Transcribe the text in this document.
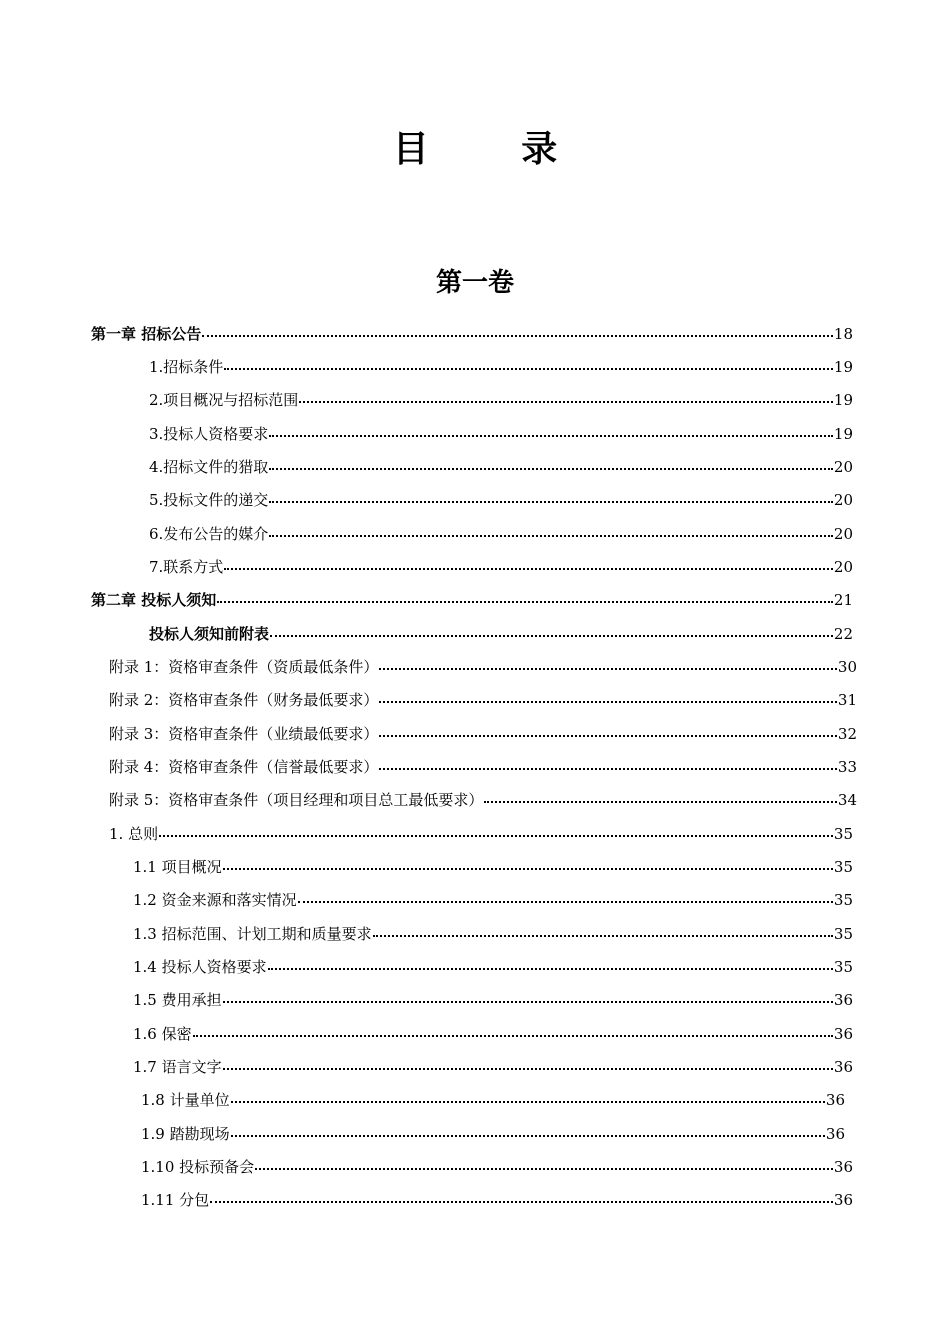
目 录
第一卷
第一章 招标公告	18
1.招标条件	19
2.项目概况与招标范围	19
3.投标人资格要求	19
4.招标文件的猎取	20
5.投标文件的递交	20
6.发布公告的媒介	20
7.联系方式	20
第二章 投标人须知	21
投标人须知前附表	22
附录 1：资格审查条件（资质最低条件）	30
附录 2：资格审查条件（财务最低要求）	31
附录 3：资格审查条件（业绩最低要求）	32
附录 4：资格审查条件（信誉最低要求）	33
附录 5：资格审查条件（项目经理和项目总工最低要求）	34
1. 总则	35
1.1 项目概况	35
1.2 资金来源和落实情况	35
1.3 招标范围、计划工期和质量要求	35
1.4 投标人资格要求	35
1.5 费用承担	36
1.6 保密	36
1.7 语言文字	36
1.8 计量单位	36
1.9 踏勘现场	36
1.10 投标预备会	36
1.11 分包	36
